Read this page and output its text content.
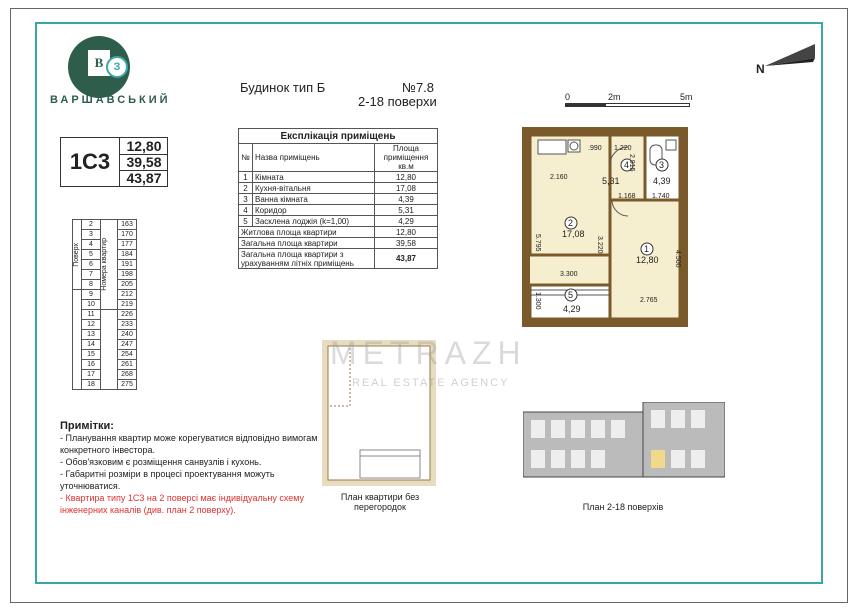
В З
ВАРШАВСЬКИЙ
Будинок тип Б	№7.8
2-18 поверхи
N
0	2m	5m
1С3
12,80
39,58
43,87
Експлікація приміщень		
№	Назва приміщень	Площа приміщення кв.м
1	Кімната	12,80
2	Кухня-вітальня	17,08
3	Ванна кімната	4,39
4	Коридор	5,31
5	Засклена лоджія (k=1,00)	4,29
Житлова площа квартири		12,80
Загальна площа квартири		39,58
Загальна площа квартири з урахуванням літніх приміщень		43,87
Поверх	2	Номера квартир	163
	3		170
	4		177
	5		184
	6		191
	7		198
	8		205
	9		212
	10		219
	11		226
	12		233
	13		240
	14		247
	15		254
	16		261
	17		268
	18		275
2
17,08
1
12,80
3
4,39
4
5,31
5
4,29
1.220
2.160
2.915
1.168 1.740
3.300
3.220
5.795
4.500
2.765
1.300
.990
План квартири без перегородок	План 2-18 поверхів
METRAZH
REAL ESTATE AGENCY
Примітки:
- Планування квартир може корегуватися відповідно вимогам конкретного інвестора.
- Обов'язковим є розміщення санвузлів і кухонь.
- Габаритні розміри в процесі проектування можуть уточнюватися.
- Квартира типу 1С3 на 2 поверсі має індивідуальну схему інженерних каналів (див. план 2 поверху).
